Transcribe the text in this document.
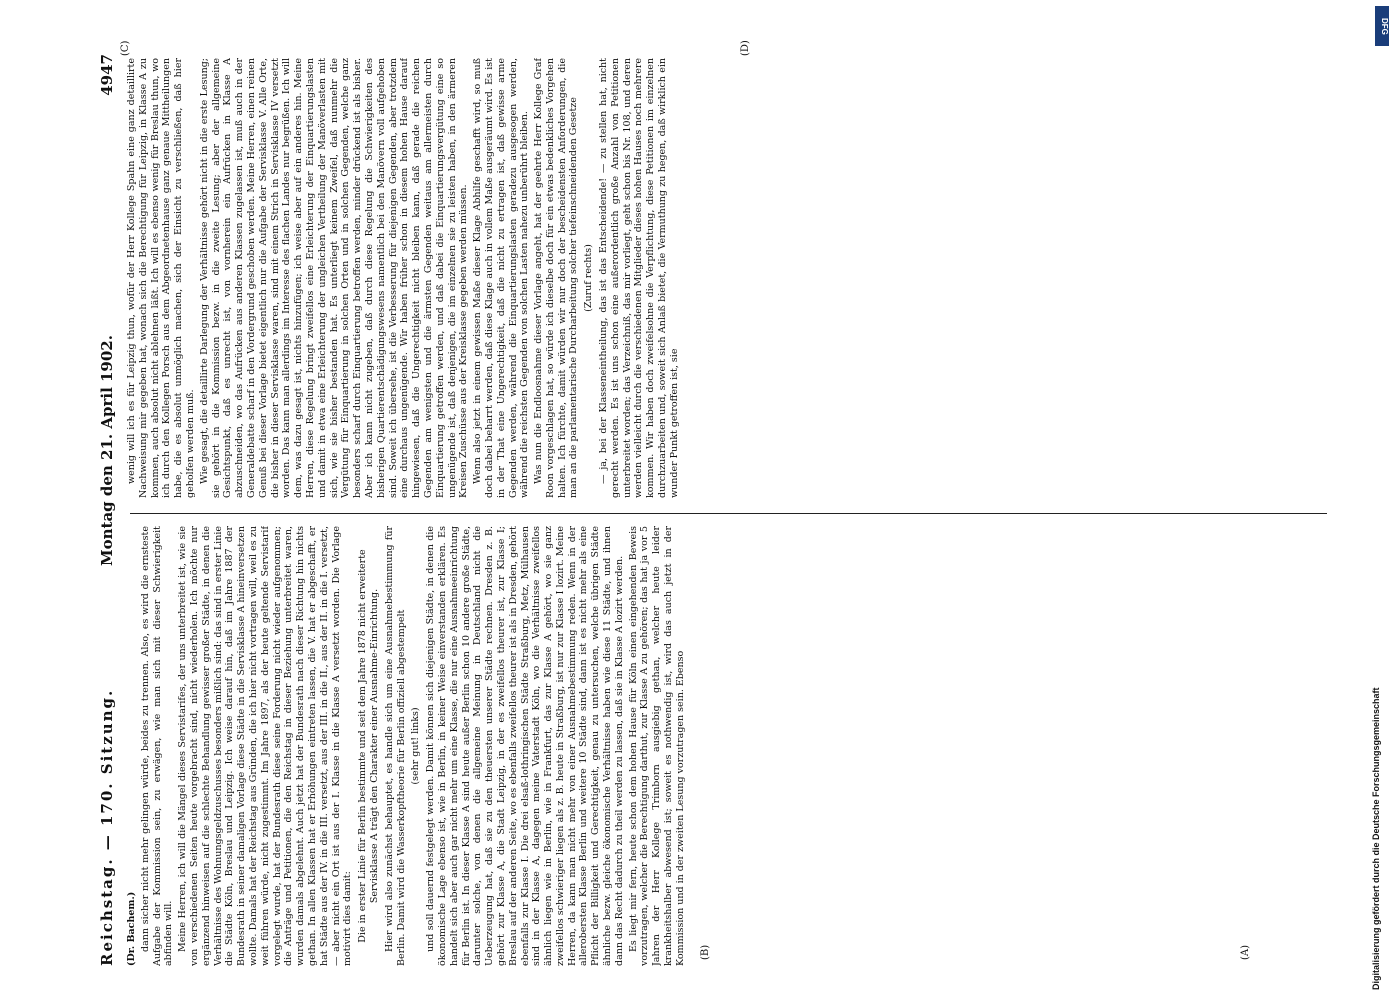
Reichstag. — 170. Sitzung.
Montag den 21. April 1902.
4947
(Dr. Bachem.) dann sicher nicht mehr gelingen würde, beides zu trennen. Also, es wird die ernsteste Aufgabe der Kommission sein, zu erwägen, wie man sich mit dieser Schwierigkeit abfinden will. Meine Herren, ich will die Mängel dieses Servistarifes, der uns unterbreitet ist, wie sie von verschiedenen Seiten heute vorgebracht sind, nicht wiederholen. Ich möchte nur ergänzend hinweisen auf die schlechte Behandlung gewisser großer Städte, in denen die Verhältnisse des Wohnungsgeldzuschusses besonders mißlich sind: das sind in erster Linie die Städte Köln, Breslau und Leipzig. Ich weise darauf hin, daß im Jahre 1887 der Bundesrath in seiner damaligen Vorlage diese Städte in die Servisklasse A hineinversetzen wollte. Damals hat der Reichstag aus Gründen, die ich hier nicht vortragen will, weil es zu weit führen würde, nicht zugestimmt. Im Jahre 1897, als der heute geltende Servistarif vorgelegt wurde, hat der Bundesrath diese seine Forderung nicht wieder aufgenommen; die Anträge und Petitionen, die den Reichstag in dieser Beziehung unterbreitet waren, wurden damals abgelehnt. Auch jetzt hat der Bundesrath nach dieser Richtung hin nichts gethan. In allen Klassen hat er Erhöhungen eintreten lassen, die V. hat er abgeschafft, er hat Städte aus der IV. in die III. versetzt, aus der III. in die II., aus der II. in die I. versetzt, — aber nicht ein Ort ist aus der I. Klasse in die Klasse A versetzt worden. Die Vorlage motivirt dies damit: Die in erster Linie für Berlin bestimmte und seit dem Jahre 1878 nicht erweiterte Servisklasse A trägt den Charakter einer Ausnahme-Einrichtung. Hier wird also zunächst behauptet, es handle sich um eine Ausnahmebestimmung für Berlin. Damit wird die Wasserkopftheorie für Berlin offiziell abgestempelt (sehr gut! links) und soll dauernd festgelegt werden. Damit können sich diejenigen Städte, in denen die ökonomische Lage ebenso ist, wie in Berlin, in keiner Weise einverstanden erklären. Es handelt sich aber auch gar nicht mehr um eine Klasse, die nur eine Ausnahmeeinrichtung für Berlin ist. In dieser Klasse A sind heute außer Berlin schon 10 andere große Städte, darunter solche, von denen die allgemeine Meinung in Deutschland nicht die Ueberzeugung hat, daß sie zu den theuersten unserer Städte rechnen. Dresden z. B. gehört zur Klasse A, die Stadt Leipzig, in der es zweifellos theurer ist, zur Klasse I; Breslau auf der anderen Seite, wo es ebenfalls zweifellos theurer ist als in Dresden, gehört ebenfalls zur Klasse I. Die drei elsaß-lothringischen Städte Straßburg, Metz, Mülhausen sind in der Klasse A, dagegen meine Vaterstadt Köln, wo die Verhältnisse zweifellos ähnlich liegen wie in Berlin, wie in Frankfurt, das zur Klasse A gehört, wo sie ganz zweifellos schwieriger liegen als z. B. heute in Straßburg, ist nur zur Klasse I lozirt. Meine Herren, da kann man nicht mehr von einer Ausnahmebestimmung reden. Wenn in der allerobersten Klasse Berlin und weitere 10 Städte sind, dann ist es nicht mehr als eine Pflicht der Billigkeit und Gerechtigkeit, genau zu untersuchen, welche übrigen Städte ähnliche bezw. gleiche ökonomische Verhältnisse haben wie diese 11 Städte, und ihnen dann das Recht dadurch zu theil werden zu lassen, daß sie in Klasse A lozirt werden. Es liegt mir fern, heute schon dem hohen Hause für Köln einen eingehenden Beweis vorzutragen, welcher die Berechtigung darthut, zur Klasse A zu gehören; das hat ja vor 5 Jahren der Herr Kollege Trimborn ausgiebig gethan, welcher heute leider krankheitshalber abwesend ist; soweit es nothwendig ist, wird das auch jetzt in der Kommission und in der zweiten Lesung vorzutragen sein. Ebenso

wenig will ich es für Leipzig thun, wofür der Herr Kollege Spahn eine ganz detaillirte Nachweisung mir gegeben hat, wonach sich die Berechtigung für Leipzig, in Klasse A zu kommen, auch absolut nicht ablehnen läßt. Ich will es ebenso wenig für Breslau thun, wo ich durch den Kollegen Porsch aus dem Abgeordnetenhause ganz genaue Mittheilungen habe, die es absolut unmöglich machen, sich der Einsicht zu verschließen, daß hier geholfen werden muß. Wie gesagt, die detaillirte Darlegung der Verhältnisse gehört nicht in die erste Lesung; sie gehört in die Kommission bezw. in die zweite Lesung; aber der allgemeine Gesichtspunkt, daß es unrecht ist, von vornherein ein Aufrücken in Klasse A abzuschneiden, wo das Aufrücken aus anderen Klassen zugelassen ist, muß auch in der Generaldebatte scharf in den Vordergrund geschoben werden. Meine Herren, einen reinen Genuß bei dieser Vorlage bietet eigentlich nur die Aufgabe der Servisklasse V. Alle Orte, die bisher in dieser Servisklasse waren, sind mit einem Strich in Servisklasse IV versetzt worden. Das kann man allerdings im Interesse des flachen Landes nur begrüßen. Ich will dem, was dazu gesagt ist, nichts hinzufügen; ich weise aber auf ein anderes hin. Meine Herren, diese Regelung bringt zweifellos eine Erleichterung der Einquartierungslasten und damit in etwa eine Erleichterung der ungleichen Vertheilung der Manöverlasten mit sich, wie sie bisher bestanden hat. Es unterliegt keinem Zweifel, daß nunmehr die Vergütung für Einquartierung in solchen Orten und in solchen Gegenden, welche ganz besonders scharf durch Einquartierung betroffen werden, minder drückend ist als bisher. Aber ich kann nicht zugeben, daß durch diese Regelung die Schwierigkeiten des bisherigen Quartierentschädigungswesens namentlich bei den Manövern voll aufgehoben sind. Soweit ich übersehe, ist die Verbesserung für diejenigen Gegenden, aber trotzdem eine durchaus ungenügende. Wir haben früher schon in diesem hohen Hause darauf hingewiesen, daß die Ungerechtigkeit nicht bleiben kann, daß gerade die reichen Gegenden am wenigsten und die ärmsten Gegenden weitaus am allermeisten durch Einquartierung getroffen werden, und daß dabei die Einquartierungsvergütung eine so ungenügende ist, daß denjenigen, die im einzelnen sie zu leisten haben, in den ärmeren Kreisen Zuschüsse aus der Kreisklasse gegeben werden müssen. Wenn also jetzt in einem gewissen Maße dieser Klage Abhilfe geschafft wird, so muß doch dabei beharrt werden, daß diese Klage auch in vollem Maße ausgeräumt wird. Es ist in der That eine Ungerechtigkeit, daß die nicht zu ertragen ist, daß gewisse arme Gegenden werden, während die Einquartierungslasten geradezu ausgesogen werden, während die reichsten Gegenden von solchen Lasten nahezu unberührt bleiben. Was nun die Endloosnahme dieser Vorlage angeht, hat der geehrte Herr Kollege Graf Roon vorgeschlagen hat, so würde ich dieselbe doch für ein etwas bedenkliches Vorgehen halten. Ich fürchte, damit würden wir nur doch der bescheidensten Anforderungen, die man an die parlamentarische Durcharbeitung solcher tiefeinschneidenden Gesetze (Zuruf rechts) — ja, bei der Klasseneintheilung, das ist das Entscheidende! — zu stellen hat, nicht gerecht werden. Es ist uns schon eine außerordentlich große Anzahl von Petitionen unterbreitet worden; das Verzeichniß, das mir vorliegt, geht schon bis Nr. 108, und deren werden vielleicht durch die verschiedenen Mitglieder dieses hohen Hauses noch mehrere kommen. Wir haben doch zweifelsohne die Verpflichtung, diese Petitionen im einzelnen durchzuarbeiten und, soweit sich Anlaß bietet, die Vermuthung zu hegen, daß wirklich ein wunder Punkt getroffen ist, sie

(A)
(B)
(C)	(D)
DFG
Digitalisierung gefördert durch die Deutsche Forschungsgemeinschaft
